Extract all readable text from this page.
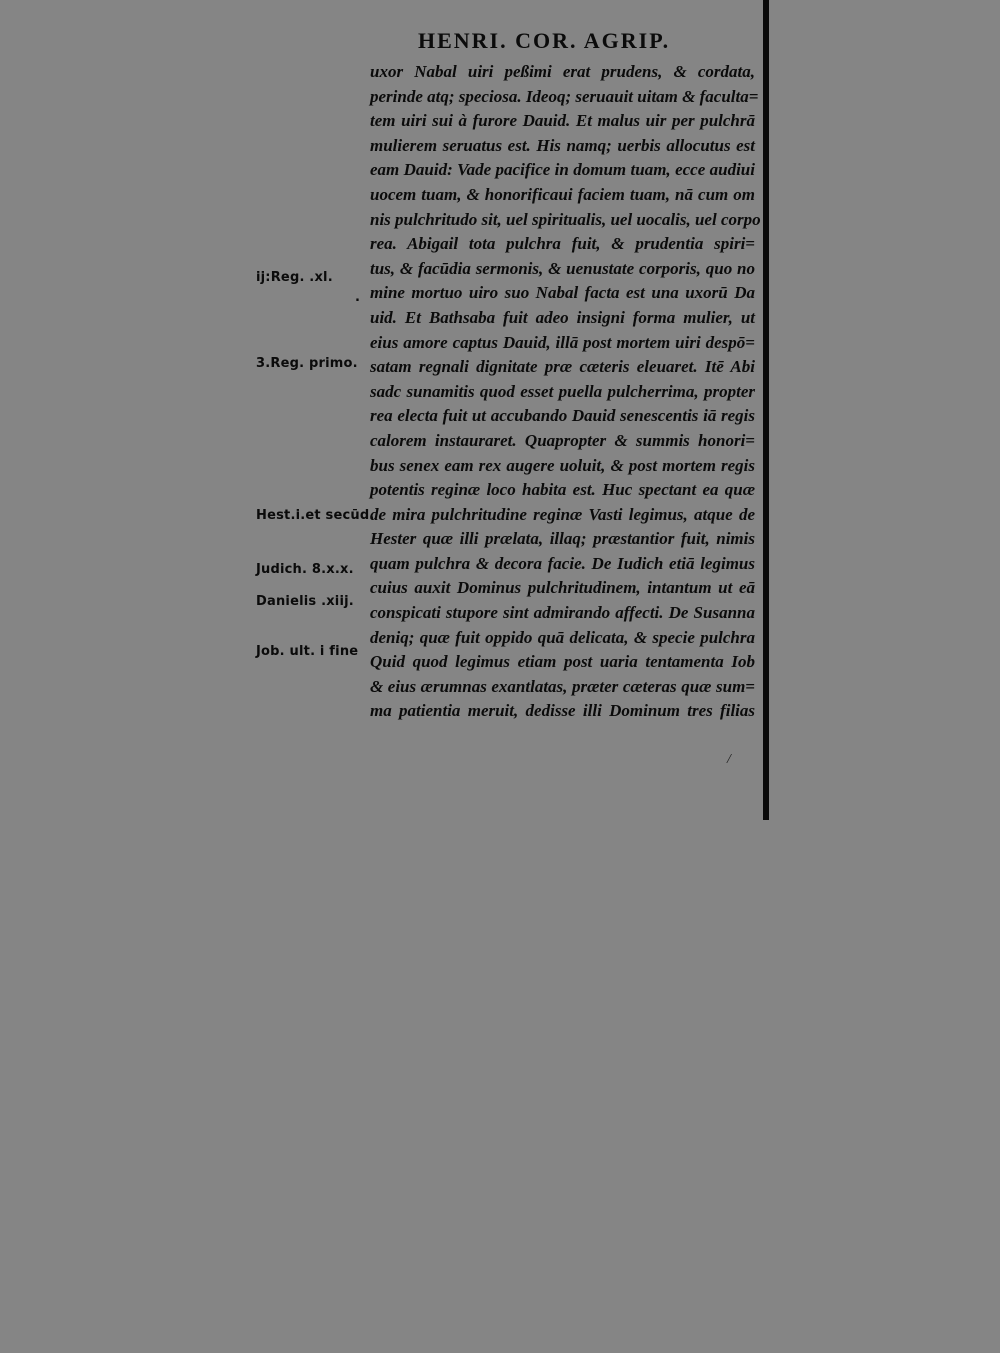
HENRI. COR. AGRIP.
uxor Nabal uiri peßimi erat prudens, & cordata,
perinde atq; speciosa. Ideoq; seruauit uitam & faculta=
tem uiri sui à furore Dauid. Et malus uir per pulchrā
mulierem seruatus est. His namq; uerbis allocutus est
eam Dauid: Vade pacifice in domum tuam, ecce audiui
uocem tuam, & honorificaui faciem tuam, nā cum om
nis pulchritudo sit, uel spiritualis, uel uocalis, uel corpo
rea. Abigail tota pulchra fuit, & prudentia spiri=
tus, & facūdia sermonis, & uenustate corporis, quo no
mine mortuo uiro suo Nabal facta est una uxorū Da
uid. Et Bathsaba fuit adeo insigni forma mulier, ut
eius amore captus Dauid, illā post mortem uiri despō=
satam regnali dignitate præ cæteris eleuaret. Itē Abi
sadc sunamitis quod esset puella pulcherrima, propter
rea electa fuit ut accubando Dauid senescentis iā regis
calorem instauraret. Quapropter & summis honori=
bus senex eam rex augere uoluit, & post mortem regis
potentis reginæ loco habita est. Huc spectant ea quæ
de mira pulchritudine reginæ Vasti legimus, atque de
Hester quæ illi prælata, illaq; præstantior fuit, nimis
quam pulchra & decora facie. De Iudich etiā legimus
cuius auxit Dominus pulchritudinem, intantum ut eā
conspicati stupore sint admirando affecti. De Susanna
deniq; quæ fuit oppido quā delicata, & specie pulchra
Quid quod legimus etiam post uaria tentamenta Iob
& eius ærumnas exantlatas, præter cæteras quæ sum=
ma patientia meruit, dedisse illi Dominum tres filias
ij:Reg. .xl.
.
3.Reg. primo.
Hest.i.et secūd.
Judich. 8.x.x.
Danielis .xiij.
Job. ult. i fine
/
